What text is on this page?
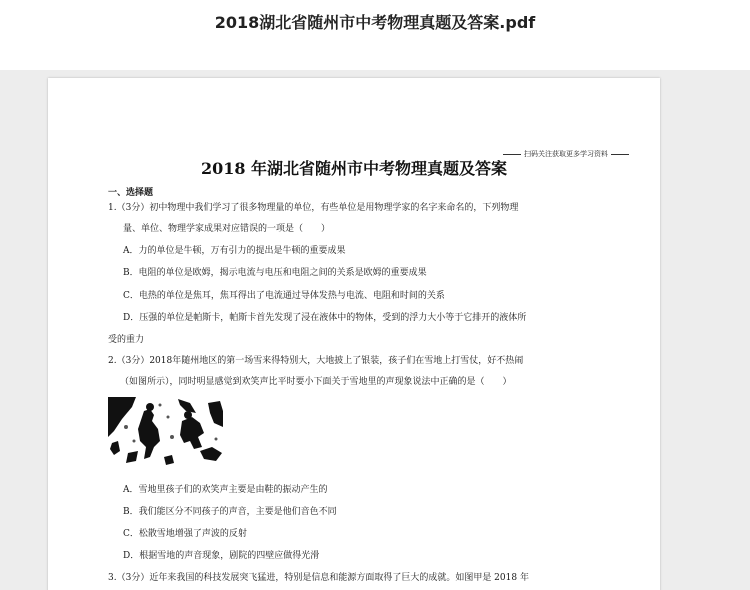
2018湖北省随州市中考物理真题及答案.pdf
扫码关注获取更多学习资料
2018 年湖北省随州市中考物理真题及答案
一、选择题
1.（3分）初中物理中我们学习了很多物理量的单位，有些单位是用物理学家的名字来命名的，下列物理
量、单位、物理学家成果对应错误的一项是（　　）
A．力的单位是牛顿，万有引力的提出是牛顿的重要成果
B．电阻的单位是欧姆，揭示电流与电压和电阻之间的关系是欧姆的重要成果
C．电热的单位是焦耳，焦耳得出了电流通过导体发热与电流、电阻和时间的关系
D．压强的单位是帕斯卡，帕斯卡首先发现了浸在液体中的物体，受到的浮力大小等于它排开的液体所
受的重力
2.（3分）2018年随州地区的第一场雪来得特别大，大地披上了银装，孩子们在雪地上打雪仗，好不热闹
（如图所示），同时明显感觉到欢笑声比平时要小下面关于雪地里的声现象说法中正确的是（　　）
A．雪地里孩子们的欢笑声主要是由鞋的振动产生的
B．我们能区分不同孩子的声音，主要是他们音色不同
C．松散雪地增强了声波的反射
D．根据雪地的声音现象，剧院的四壁应做得光滑
3.（3分）近年来我国的科技发展突飞猛进，特别是信息和能源方面取得了巨大的成就。如图甲是 2018 年
